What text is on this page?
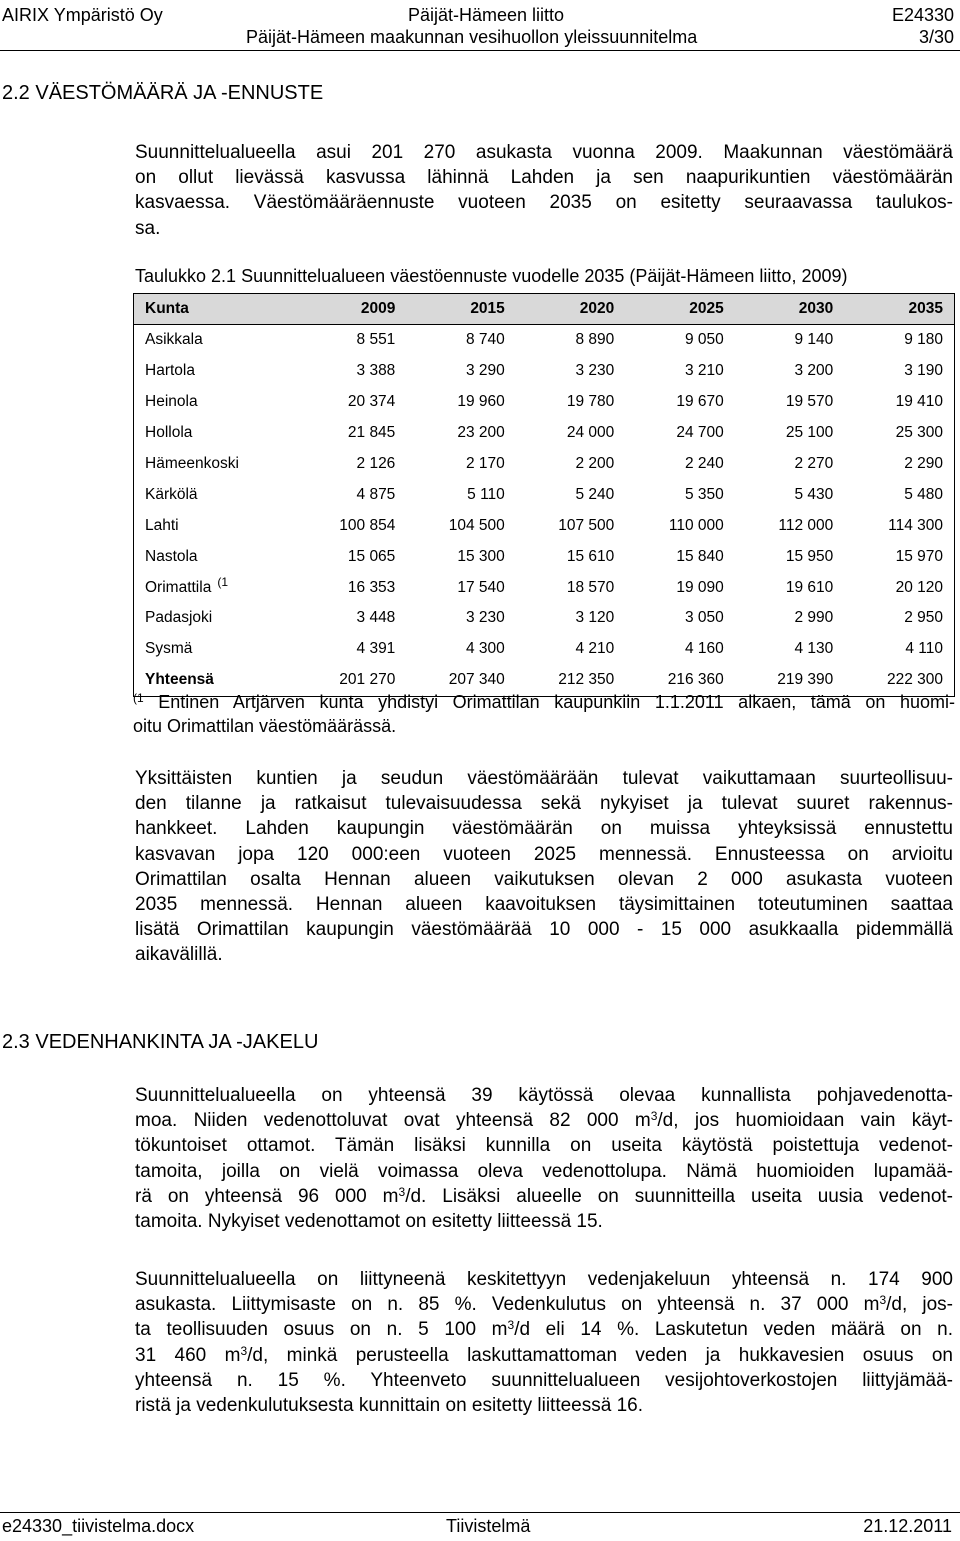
AIRIX Ympäristö Oy	Päijät-Hämeen liitto	E24330
Päijät-Hämeen maakunnan vesihuollon yleissuunnitelma	3/30
2.2 VÄESTÖMÄÄRÄ JA -ENNUSTE
Suunnittelualueella asui 201 270 asukasta vuonna 2009. Maakunnan väestömäärä
on ollut lievässä kasvussa lähinnä Lahden ja sen naapurikuntien väestömäärän
kasvaessa. Väestömääräennuste vuoteen 2035 on esitetty seuraavassa taulukos-
sa.
Taulukko 2.1 Suunnittelualueen väestöennuste vuodelle 2035 (Päijät-Hämeen liitto, 2009)
Kunta	2009	2015	2020	2025	2030	2035
Asikkala	8 551	8 740	8 890	9 050	9 140	9 180
Hartola	3 388	3 290	3 230	3 210	3 200	3 190
Heinola	20 374	19 960	19 780	19 670	19 570	19 410
Hollola	21 845	23 200	24 000	24 700	25 100	25 300
Hämeenkoski	2 126	2 170	2 200	2 240	2 270	2 290
Kärkölä	4 875	5 110	5 240	5 350	5 430	5 480
Lahti	100 854	104 500	107 500	110 000	112 000	114 300
Nastola	15 065	15 300	15 610	15 840	15 950	15 970
Orimattila $^{(1}$	16 353	17 540	18 570	19 090	19 610	20 120
Padasjoki	3 448	3 230	3 120	3 050	2 990	2 950
Sysmä	4 391	4 300	4 210	4 160	4 130	4 110
Yhteensä	201 270	207 340	212 350	216 360	219 390	222 300
$^{(1}$ Entinen Artjärven kunta yhdistyi Orimattilan kaupunkiin 1.1.2011 alkaen, tämä on huomi-
oitu Orimattilan väestömäärässä.
Yksittäisten kuntien ja seudun väestömäärään tulevat vaikuttamaan suurteollisuu-
den tilanne ja ratkaisut tulevaisuudessa sekä nykyiset ja tulevat suuret rakennus-
hankkeet. Lahden kaupungin väestömäärän on muissa yhteyksissä ennustettu
kasvavan jopa 120 000:een vuoteen 2025 mennessä. Ennusteessa on arvioitu
Orimattilan osalta Hennan alueen vaikutuksen olevan 2 000 asukasta vuoteen
2035 mennessä. Hennan alueen kaavoituksen täysimittainen toteutuminen saattaa
lisätä Orimattilan kaupungin väestömäärää 10 000 - 15 000 asukkaalla pidemmällä
aikavälillä.
2.3 VEDENHANKINTA JA -JAKELU
Suunnittelualueella on yhteensä 39 käytössä olevaa kunnallista pohjavedenotta-
moa. Niiden vedenottoluvat ovat yhteensä 82 000 $m^3/d$, jos huomioidaan vain käyt-
tökuntoiset ottamot. Tämän lisäksi kunnilla on useita käytöstä poistettuja vedenot-
tamoita, joilla on vielä voimassa oleva vedenottolupa. Nämä huomioiden lupamää-
rä on yhteensä 96 000 $m^3/d$. Lisäksi alueelle on suunnitteilla useita uusia vedenot-
tamoita. Nykyiset vedenottamot on esitetty liitteessä 15.
Suunnittelualueella on liittyneenä keskitettyyn vedenjakeluun yhteensä n. 174 900
asukasta. Liittymisaste on n. 85 %. Vedenkulutus on yhteensä n. 37 000 $m^3/d$, jos-
ta teollisuuden osuus on n. 5 100 $m^3/d$ eli 14 %. Laskutetun veden määrä on n.
31 460 $m^3/d$, minkä perusteella laskuttamattoman veden ja hukkavesien osuus on
yhteensä n. 15 %. Yhteenveto suunnittelualueen vesijohtoverkostojen liittyjämää-
ristä ja vedenkulutuksesta kunnittain on esitetty liitteessä 16.
e24330_tiivistelma.docx	Tiivistelmä	21.12.2011
